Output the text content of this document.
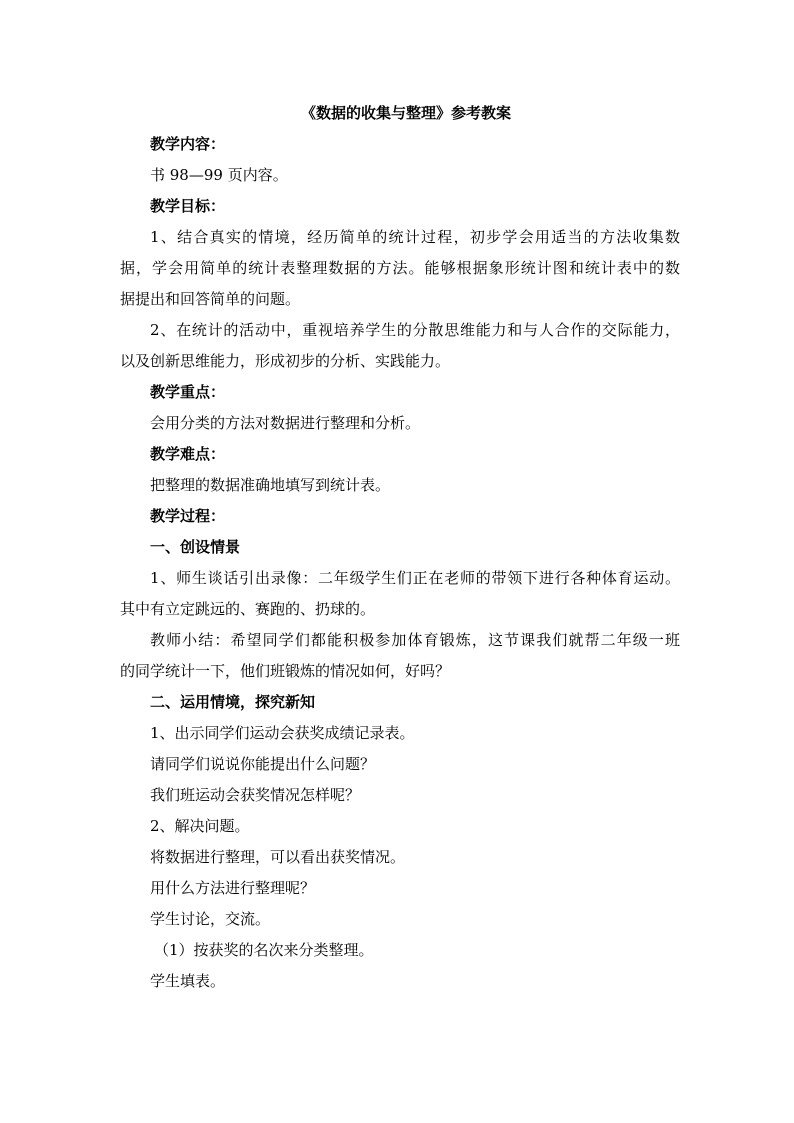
《数据的收集与整理》参考教案

教学内容：

书 98—99 页内容。

教学目标：

1、结合真实的情境，经历简单的统计过程，初步学会用适当的方法收集数

据，学会用简单的统计表整理数据的方法。能够根据象形统计图和统计表中的数

据提出和回答简单的问题。

2、在统计的活动中，重视培养学生的分散思维能力和与人合作的交际能力，

以及创新思维能力，形成初步的分析、实践能力。

教学重点：

会用分类的方法对数据进行整理和分析。

教学难点：

把整理的数据准确地填写到统计表。

教学过程：

一、创设情景

1、师生谈话引出录像：二年级学生们正在老师的带领下进行各种体育运动。

其中有立定跳远的、赛跑的、扔球的。

教师小结：希望同学们都能积极参加体育锻炼，这节课我们就帮二年级一班

的同学统计一下，他们班锻炼的情况如何，好吗？

二、运用情境，探究新知

1、出示同学们运动会获奖成绩记录表。

请同学们说说你能提出什么问题？

我们班运动会获奖情况怎样呢？

2、解决问题。

将数据进行整理，可以看出获奖情况。

用什么方法进行整理呢？

学生讨论，交流。

（1）按获奖的名次来分类整理。

学生填表。
